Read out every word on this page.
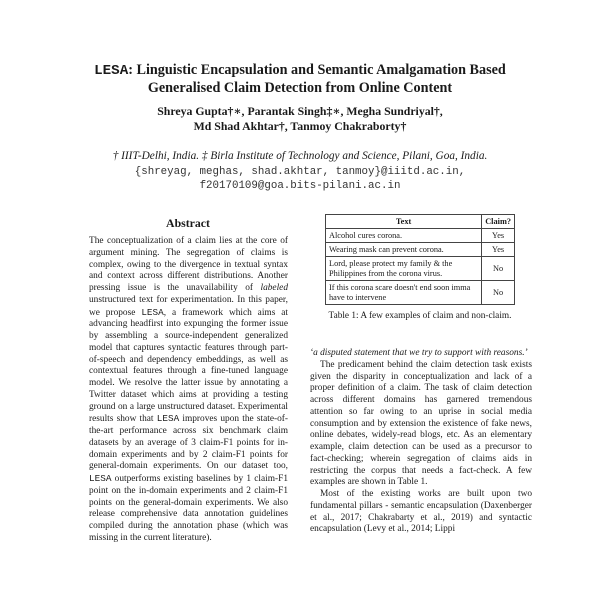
LESA: Linguistic Encapsulation and Semantic Amalgamation Based
Generalised Claim Detection from Online Content
Shreya Gupta†∗, Parantak Singh‡∗, Megha Sundriyal†,
Md Shad Akhtar†, Tanmoy Chakraborty†
† IIIT-Delhi, India. ‡ Birla Institute of Technology and Science, Pilani, Goa, India.
{shreyag, meghas, shad.akhtar, tanmoy}@iiitd.ac.in,
f20170109@goa.bits-pilani.ac.in
Abstract
The conceptualization of a claim lies at the core of argument mining. The segregation of claims is complex, owing to the divergence in textual syntax and context across different distributions. Another pressing issue is the unavailability of labeled unstructured text for experimentation. In this paper, we propose LESA, a framework which aims at advancing headfirst into expunging the former issue by assembling a source-independent generalized model that captures syntactic features through part-of-speech and dependency embeddings, as well as contextual features through a fine-tuned language model. We resolve the latter issue by annotating a Twitter dataset which aims at providing a testing ground on a large unstructured dataset. Experimental results show that LESA improves upon the state-of-the-art performance across six benchmark claim datasets by an average of 3 claim-F1 points for in-domain experiments and by 2 claim-F1 points for general-domain experiments. On our dataset too, LESA outperforms existing baselines by 1 claim-F1 point on the in-domain experiments and 2 claim-F1 points on the general-domain experiments. We also release comprehensive data annotation guidelines compiled during the annotation phase (which was missing in the current literature).
Text	Claim?
Alcohol cures corona.	Yes
Wearing mask can prevent corona.	Yes
Lord, please protect my family & the Philippines from the corona virus.	No
If this corona scare doesn't end soon imma have to intervene	No
Table 1: A few examples of claim and non-claim.

‘a disputed statement that we try to support with reasons.’

The predicament behind the claim detection task exists given the disparity in conceptualization and lack of a proper definition of a claim. The task of claim detection across different domains has garnered tremendous attention so far owing to an uprise in social media consumption and by extension the existence of fake news, online debates, widely-read blogs, etc. As an elementary example, claim detection can be used as a precursor to fact-checking; wherein segregation of claims aids in restricting the corpus that needs a fact-check. A few examples are shown in Table 1.

Most of the existing works are built upon two fundamental pillars - semantic encapsulation (Daxenberger et al., 2017; Chakrabarty et al., 2019) and syntactic encapsulation (Levy et al., 2014; Lippi
